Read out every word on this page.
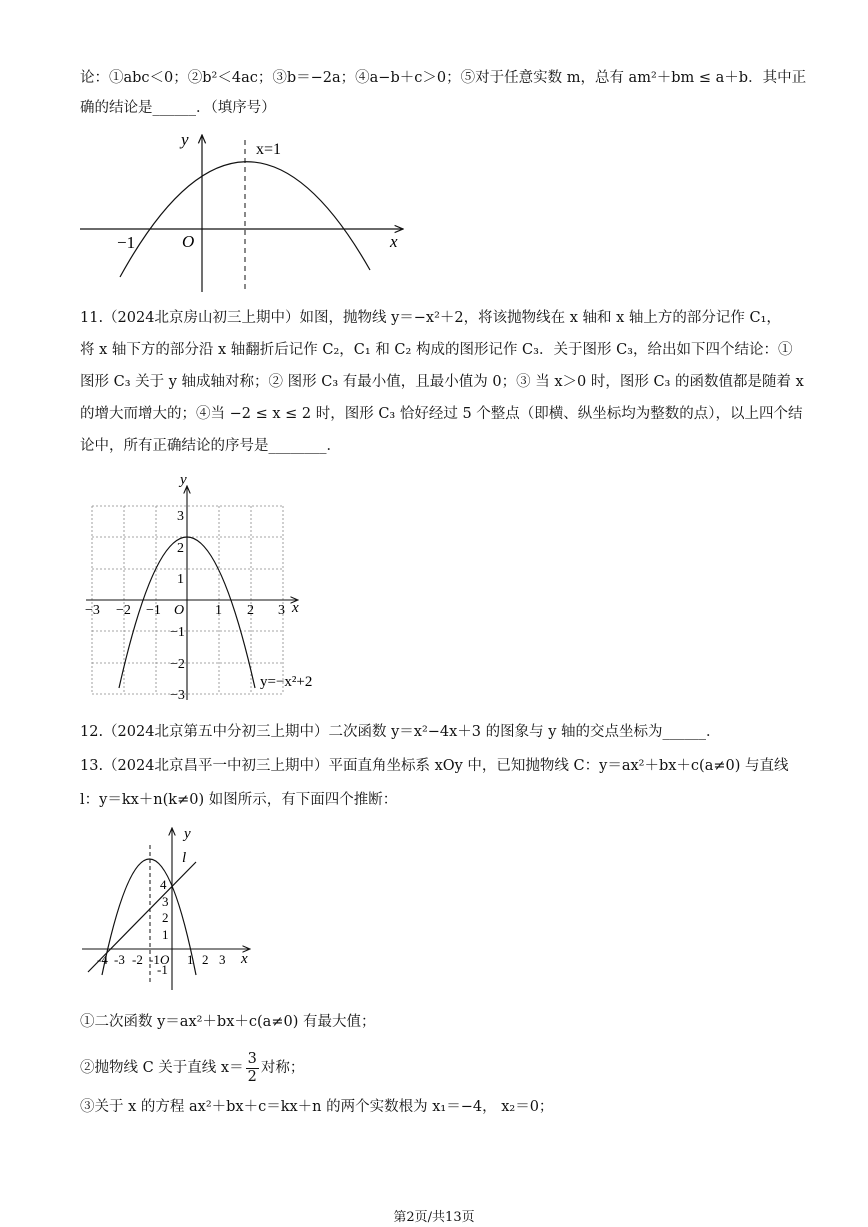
论：①abc＜0；②b²＜4ac；③b＝−2a；④a−b＋c＞0；⑤对于任意实数 m，总有 am²＋bm ≤ a＋b．其中正
确的结论是______．（填序号）
x=1
y
x
O
−1
11.（2024北京房山初三上期中）如图，抛物线 y＝−x²＋2，将该抛物线在 x 轴和 x 轴上方的部分记作 C₁，
将 x 轴下方的部分沿 x 轴翻折后记作 C₂，C₁ 和 C₂ 构成的图形记作 C₃．关于图形 C₃，给出如下四个结论：①
图形 C₃ 关于 y 轴成轴对称；② 图形 C₃ 有最小值，且最小值为 0；③ 当 x＞0 时，图形 C₃ 的函数值都是随着 x
的增大而增大的；④当 −2 ≤ x ≤ 2 时，图形 C₃ 恰好经过 5 个整点（即横、纵坐标均为整数的点），以上四个结
论中，所有正确结论的序号是________．
y
x
O
−3 −2 −1	1 2 3
3
2
1
−1
−2
−3
y=−x²+2
12.（2024北京第五中分初三上期中）二次函数 y＝x²−4x＋3 的图象与 y 轴的交点坐标为______．
13.（2024北京昌平一中初三上期中）平面直角坐标系 xOy 中，已知抛物线 C：y＝ax²＋bx＋c(a≠0) 与直线
l：y＝kx＋n(k≠0) 如图所示，有下面四个推断：
l
y
x
O
-4 -3 -2 -1 1 2 3
4
3
2
1
-1
①二次函数 y＝ax²＋bx＋c(a≠0) 有最大值；
②抛物线 C 关于直线 $x= \frac{3}{2}$ 对称；
③关于 x 的方程 ax²＋bx＋c＝kx＋n 的两个实数根为 x₁＝−4， x₂＝0；
第2页/共13页
